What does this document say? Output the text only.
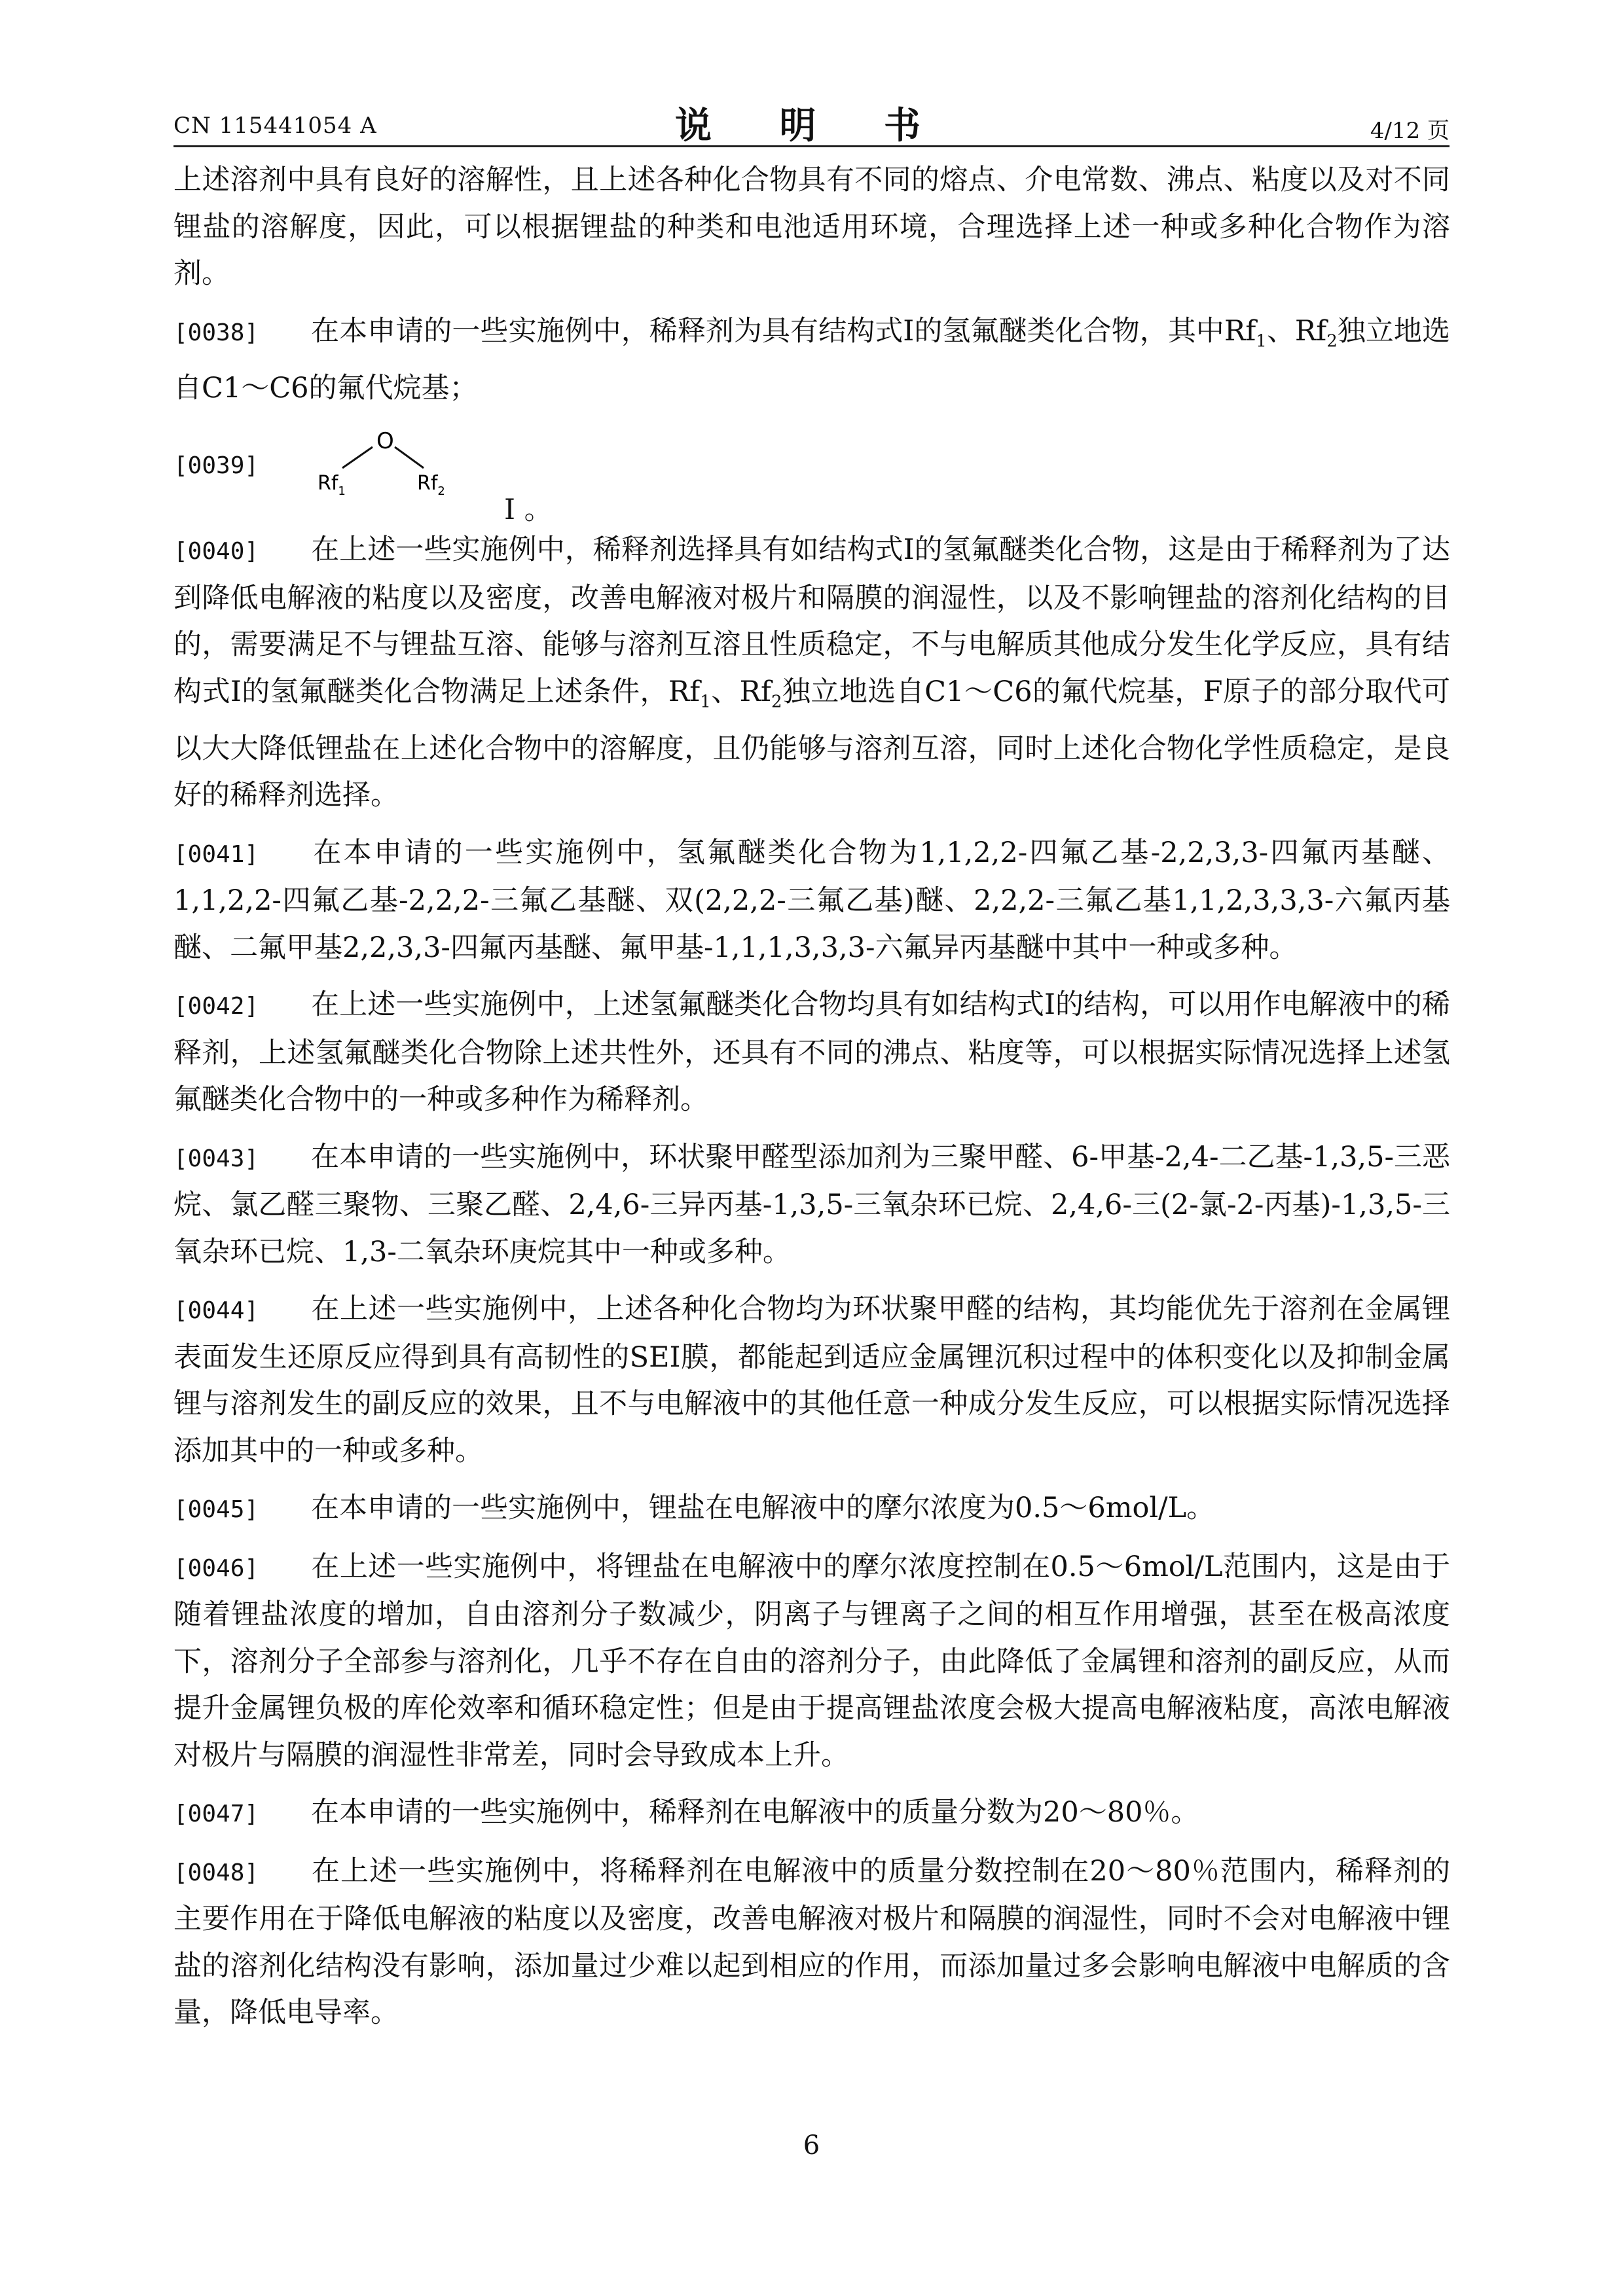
CN 115441054 A	说 明 书	4/12 页

上述溶剂中具有良好的溶解性，且上述各种化合物具有不同的熔点、介电常数、沸点、粘度以及对不同锂盐的溶解度，因此，可以根据锂盐的种类和电池适用环境，合理选择上述一种或多种化合物作为溶剂。

[0038] 在本申请的一些实施例中，稀释剂为具有结构式Ⅰ的氢氟醚类化合物，其中$Rf_1$、$Rf_2$独立地选自C1～C6的氟代烷基；

[0039]
O
$Rf_1$	$Rf_2$
Ⅰ 。

[0040] 在上述一些实施例中，稀释剂选择具有如结构式Ⅰ的氢氟醚类化合物，这是由于稀释剂为了达到降低电解液的粘度以及密度，改善电解液对极片和隔膜的润湿性，以及不影响锂盐的溶剂化结构的目的，需要满足不与锂盐互溶、能够与溶剂互溶且性质稳定，不与电解质其他成分发生化学反应，具有结构式Ⅰ的氢氟醚类化合物满足上述条件，$Rf_1$、$Rf_2$独立地选自C1～C6的氟代烷基，F原子的部分取代可以大大降低锂盐在上述化合物中的溶解度，且仍能够与溶剂互溶，同时上述化合物化学性质稳定，是良好的稀释剂选择。

[0041] 在本申请的一些实施例中，氢氟醚类化合物为1,1,2,2-四氟乙基-2,2,3,3-四氟丙基醚、1,1,2,2-四氟乙基-2,2,2-三氟乙基醚、双(2,2,2-三氟乙基)醚、2,2,2-三氟乙基1,1,2,3,3,3-六氟丙基醚、二氟甲基2,2,3,3-四氟丙基醚、氟甲基-1,1,1,3,3,3-六氟异丙基醚中其中一种或多种。

[0042] 在上述一些实施例中，上述氢氟醚类化合物均具有如结构式Ⅰ的结构，可以用作电解液中的稀释剂，上述氢氟醚类化合物除上述共性外，还具有不同的沸点、粘度等，可以根据实际情况选择上述氢氟醚类化合物中的一种或多种作为稀释剂。

[0043] 在本申请的一些实施例中，环状聚甲醛型添加剂为三聚甲醛、6-甲基-2,4-二乙基-1,3,5-三恶烷、氯乙醛三聚物、三聚乙醛、2,4,6-三异丙基-1,3,5-三氧杂环已烷、2,4,6-三(2-氯-2-丙基)-1,3,5-三氧杂环已烷、1,3-二氧杂环庚烷其中一种或多种。

[0044] 在上述一些实施例中，上述各种化合物均为环状聚甲醛的结构，其均能优先于溶剂在金属锂表面发生还原反应得到具有高韧性的SEI膜，都能起到适应金属锂沉积过程中的体积变化以及抑制金属锂与溶剂发生的副反应的效果，且不与电解液中的其他任意一种成分发生反应，可以根据实际情况选择添加其中的一种或多种。

[0045] 在本申请的一些实施例中，锂盐在电解液中的摩尔浓度为0.5～6mol/L。

[0046] 在上述一些实施例中，将锂盐在电解液中的摩尔浓度控制在0.5～6mol/L范围内，这是由于随着锂盐浓度的增加，自由溶剂分子数减少，阴离子与锂离子之间的相互作用增强，甚至在极高浓度下，溶剂分子全部参与溶剂化，几乎不存在自由的溶剂分子，由此降低了金属锂和溶剂的副反应，从而提升金属锂负极的库伦效率和循环稳定性；但是由于提高锂盐浓度会极大提高电解液粘度，高浓电解液对极片与隔膜的润湿性非常差，同时会导致成本上升。

[0047] 在本申请的一些实施例中，稀释剂在电解液中的质量分数为20～80％。

[0048] 在上述一些实施例中，将稀释剂在电解液中的质量分数控制在20～80％范围内，稀释剂的主要作用在于降低电解液的粘度以及密度，改善电解液对极片和隔膜的润湿性，同时不会对电解液中锂盐的溶剂化结构没有影响，添加量过少难以起到相应的作用，而添加量过多会影响电解液中电解质的含量，降低电导率。

6
